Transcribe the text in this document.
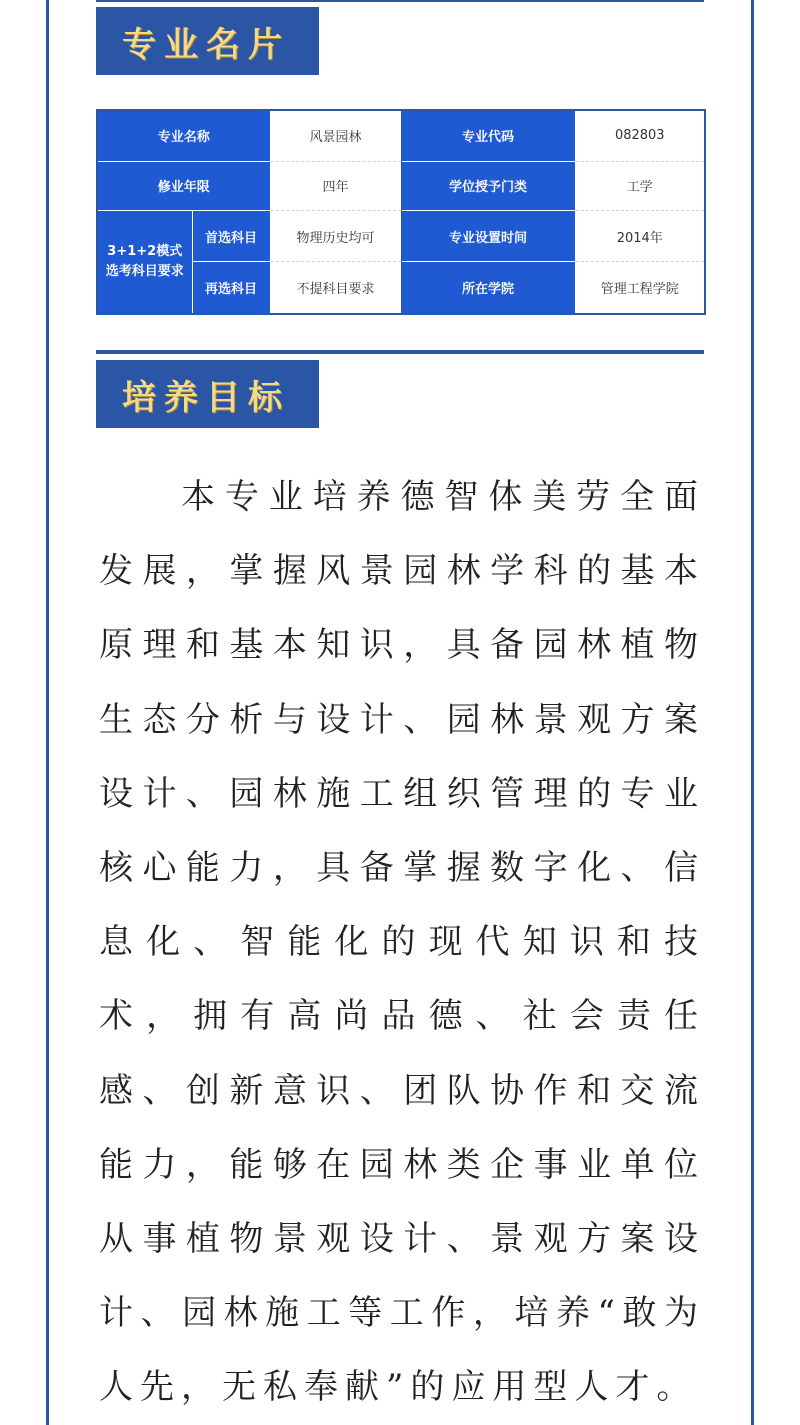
专业名片
专业名称		风景园林	专业代码	082803
修业年限		四年	学位授予门类	工学
3+1+2模式选考科目要求	首选科目	物理历史均可	专业设置时间	2014年
	再选科目	不提科目要求	所在学院	管理工程学院
培养目标
本专业培养德智体美劳全面发展，掌握风景园林学科的基本原理和基本知识，具备园林植物生态分析与设计、园林景观方案设计、园林施工组织管理的专业核心能力，具备掌握数字化、信息化、智能化的现代知识和技术，拥有高尚品德、社会责任感、创新意识、团队协作和交流能力，能够在园林类企事业单位从事植物景观设计、景观方案设计、园林施工等工作，培养“敢为人先，无私奉献”的应用型人才。
